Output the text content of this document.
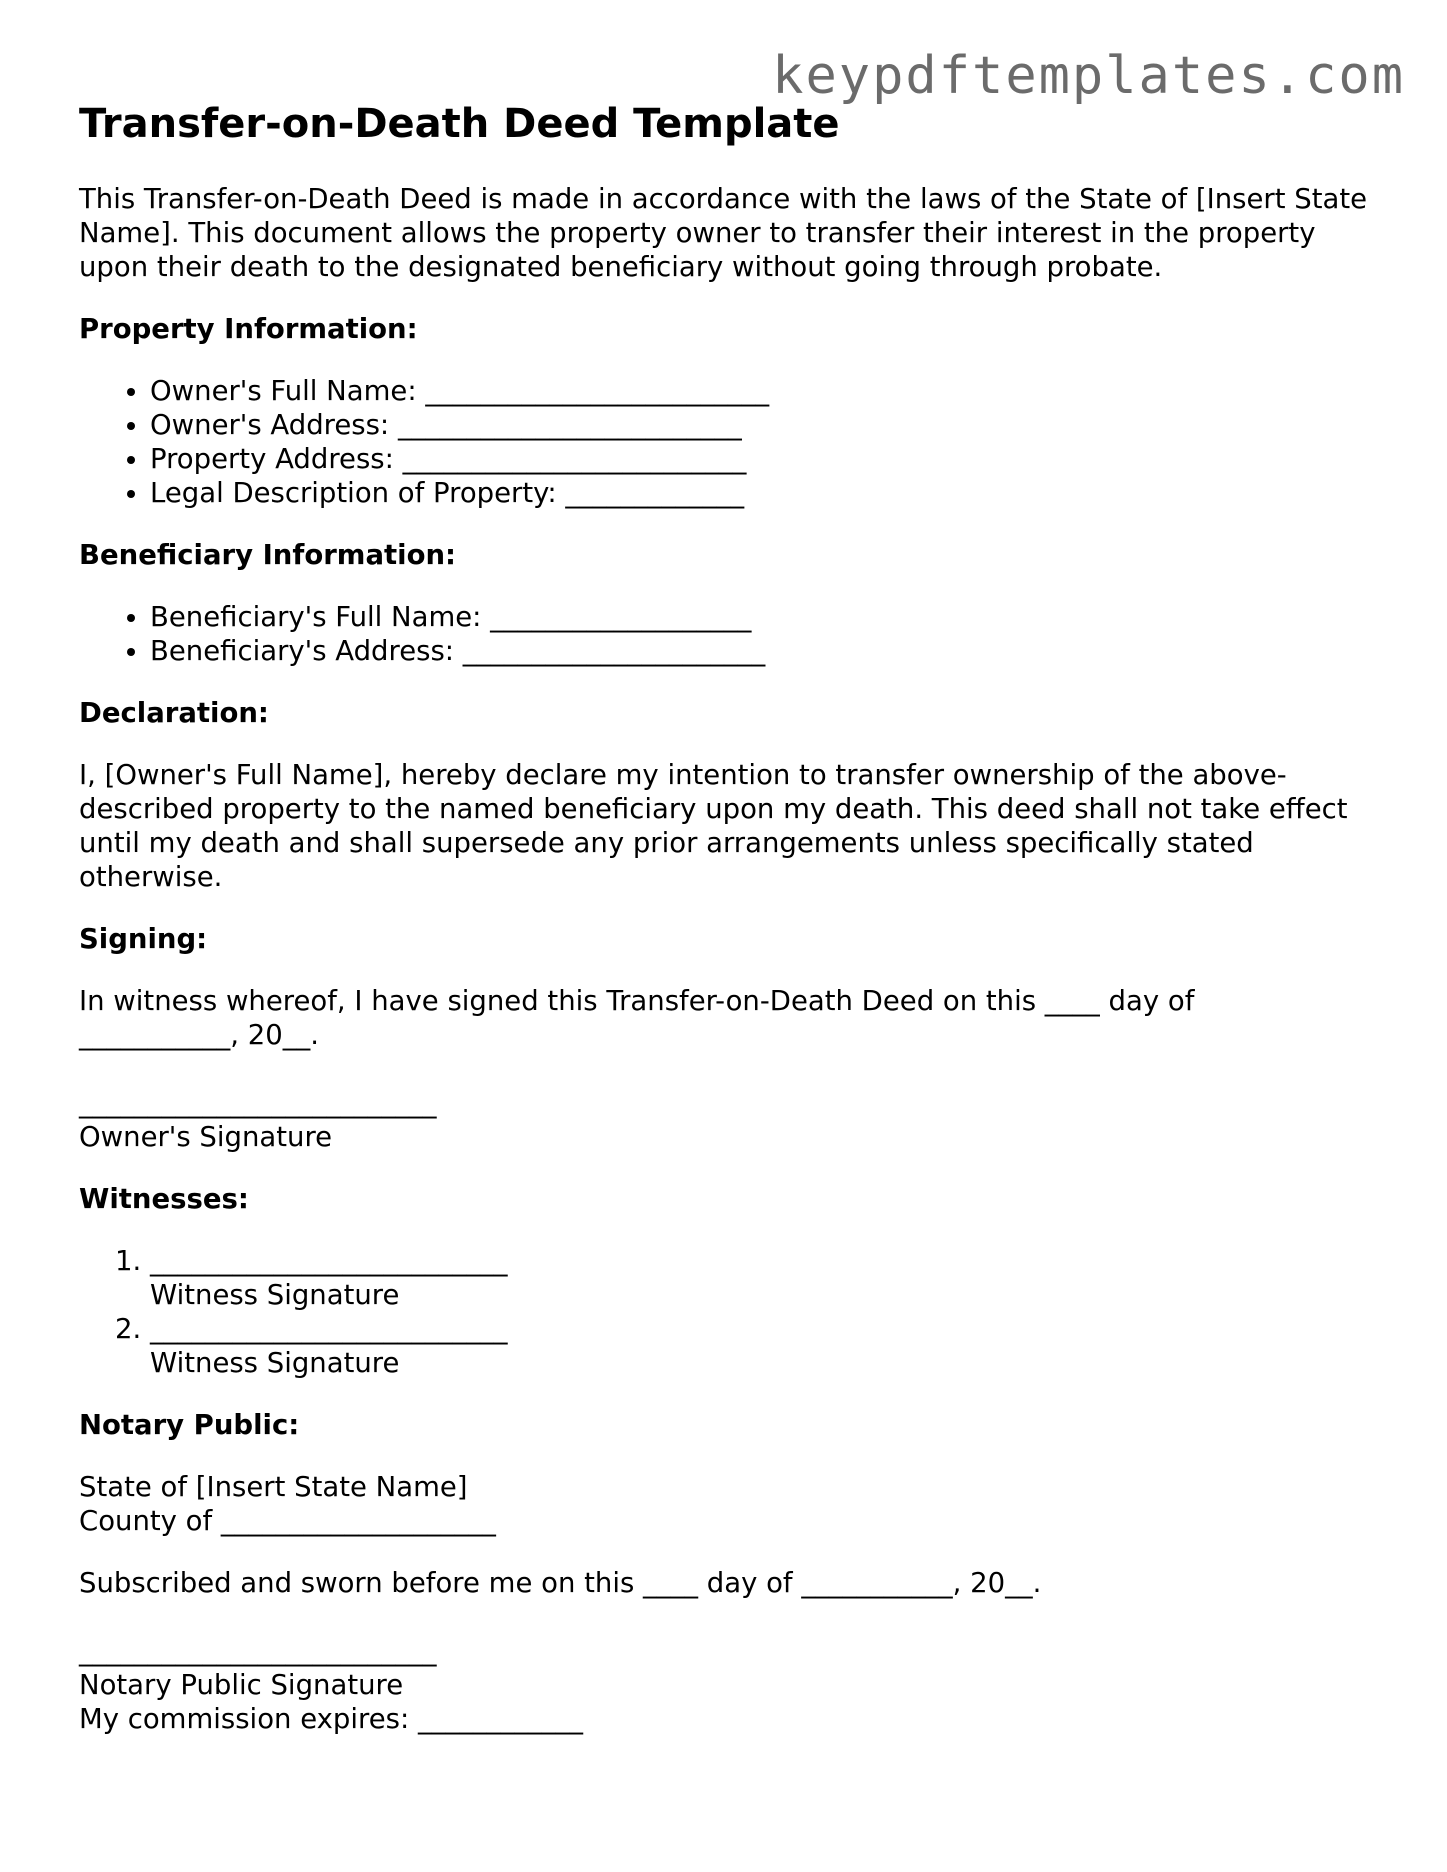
keypdftemplates.com
Transfer-on-Death Deed Template

This Transfer-on-Death Deed is made in accordance with the laws of the State of [Insert State Name]. This document allows the property owner to transfer their interest in the property upon their death to the designated beneficiary without going through probate.

Property Information:
• Owner's Full Name: _________________________
• Owner's Address: _________________________
• Property Address: _________________________
• Legal Description of Property: _____________
Beneficiary Information:
• Beneficiary's Full Name: ___________________
• Beneficiary's Address: ______________________
Declaration:

I, [Owner's Full Name], hereby declare my intention to transfer ownership of the above-described property to the named beneficiary upon my death. This deed shall not take effect until my death and shall supersede any prior arrangements unless specifically stated otherwise.

Signing:
In witness whereof, I have signed this Transfer-on-Death Deed on this ____ day of
___________, 20__.
__________________________
Owner's Signature
Witnesses:
1. __________________________
Witness Signature
2. __________________________
Witness Signature
Notary Public:
State of [Insert State Name]
County of ____________________

Subscribed and sworn before me on this ____ day of ___________, 20__.

__________________________
Notary Public Signature
My commission expires: ____________
